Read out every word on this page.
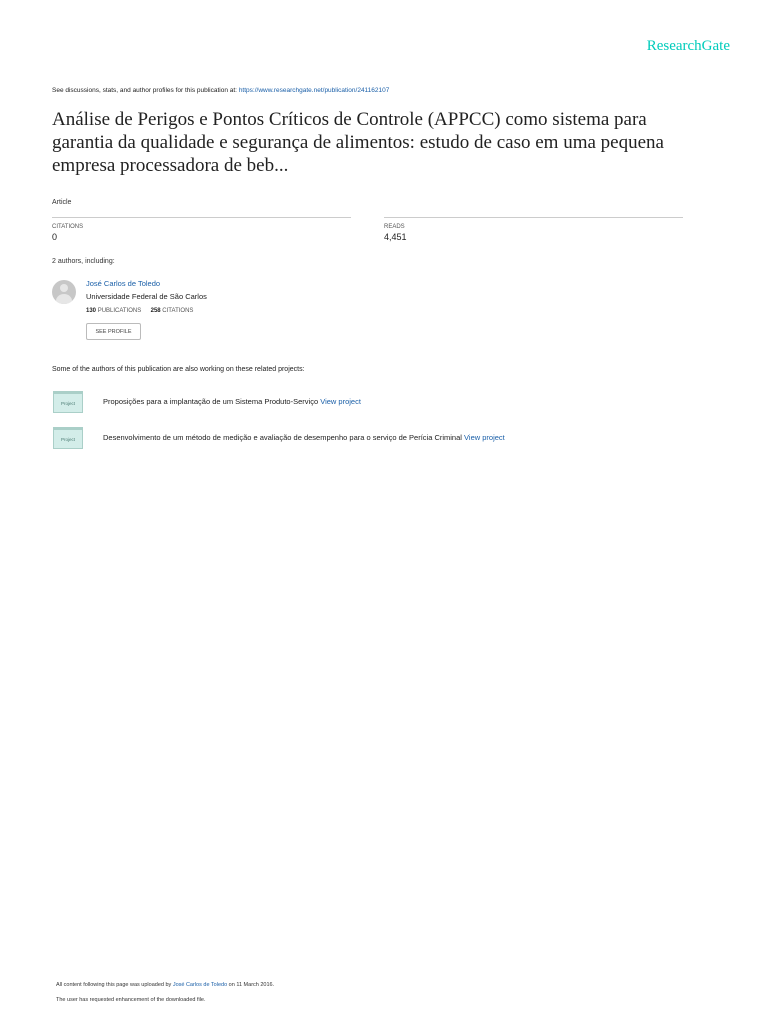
ResearchGate
See discussions, stats, and author profiles for this publication at: https://www.researchgate.net/publication/241162107
Análise de Perigos e Pontos Críticos de Controle (APPCC) como sistema para garantia da qualidade e segurança de alimentos: estudo de caso em uma pequena empresa processadora de beb...
Article
CITATIONS
0
READS
4,451
2 authors, including:
José Carlos de Toledo
Universidade Federal de São Carlos
130 PUBLICATIONS 258 CITATIONS
SEE PROFILE
Some of the authors of this publication are also working on these related projects:
Project	Proposições para a implantação de um Sistema Produto-Serviço View project
Project	Desenvolvimento de um método de medição e avaliação de desempenho para o serviço de Perícia Criminal View project
All content following this page was uploaded by José Carlos de Toledo on 11 March 2016.
The user has requested enhancement of the downloaded file.
